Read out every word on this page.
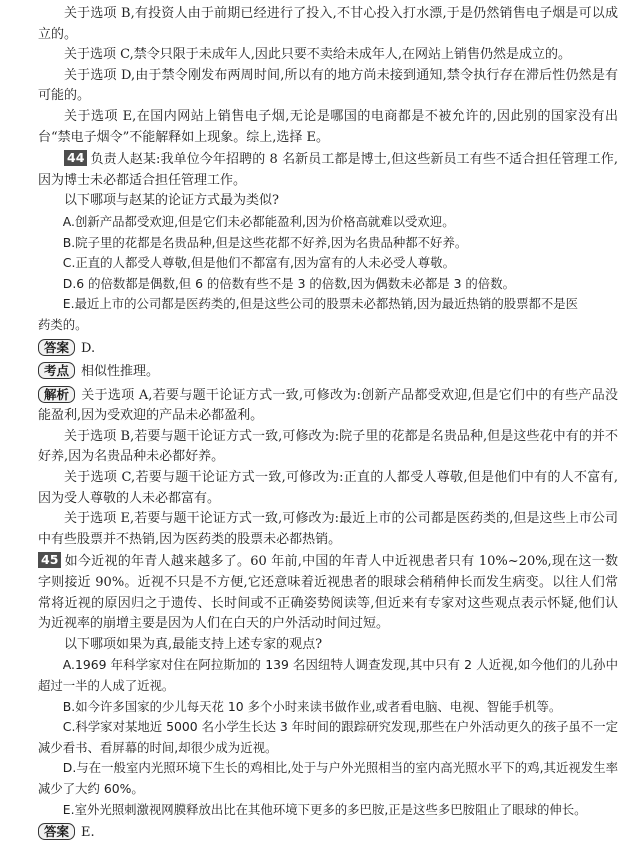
关于选项 B,有投资人由于前期已经进行了投入,不甘心投入打水漂,于是仍然销售电子烟是可以成立的。

关于选项 C,禁令只限于未成年人,因此只要不卖给未成年人,在网站上销售仍然是成立的。

关于选项 D,由于禁令刚发布两周时间,所以有的地方尚未接到通知,禁令执行存在滞后性仍然是有可能的。

关于选项 E,在国内网站上销售电子烟,无论是哪国的电商都是不被允许的,因此别的国家没有出台“禁电子烟令”不能解释如上现象。综上,选择 E。

44 负责人赵某:我单位今年招聘的 8 名新员工都是博士,但这些新员工有些不适合担任管理工作,因为博士未必都适合担任管理工作。

以下哪项与赵某的论证方式最为类似?

A.创新产品都受欢迎,但是它们未必都能盈利,因为价格高就难以受欢迎。

B.院子里的花都是名贵品种,但是这些花都不好养,因为名贵品种都不好养。

C.正直的人都受人尊敬,但是他们不都富有,因为富有的人未必受人尊敬。

D.6 的倍数都是偶数,但 6 的倍数有些不是 3 的倍数,因为偶数未必都是 3 的倍数。

E.最近上市的公司都是医药类的,但是这些公司的股票未必都热销,因为最近热销的股票都不是医
药类的。

答案 D.

考点 相似性推理。

解析 关于选项 A,若要与题干论证方式一致,可修改为:创新产品都受欢迎,但是它们中的有些产品没能盈利,因为受欢迎的产品未必都盈利。

关于选项 B,若要与题干论证方式一致,可修改为:院子里的花都是名贵品种,但是这些花中有的并不好养,因为名贵品种未必都好养。

关于选项 C,若要与题干论证方式一致,可修改为:正直的人都受人尊敬,但是他们中有的人不富有,因为受人尊敬的人未必都富有。

关于选项 E,若要与题干论证方式一致,可修改为:最近上市的公司都是医药类的,但是这些上市公司中有些股票并不热销,因为医药类的股票未必都热销。

45 如今近视的年青人越来越多了。60 年前,中国的年青人中近视患者只有 10%~20%,现在这一数字则接近 90%。近视不只是不方便,它还意味着近视患者的眼球会稍稍伸长而发生病变。以往人们常常将近视的原因归之于遗传、长时间或不正确姿势阅读等,但近来有专家对这些观点表示怀疑,他们认为近视率的崩增主要是因为人们在白天的户外活动时间过短。

以下哪项如果为真,最能支持上述专家的观点?

A.1969 年科学家对住在阿拉斯加的 139 名因纽特人调查发现,其中只有 2 人近视,如今他们的儿孙中超过一半的人成了近视。

B.如今许多国家的少儿每天花 10 多个小时来读书做作业,或者看电脑、电视、智能手机等。

C.科学家对某地近 5000 名小学生长达 3 年时间的跟踪研究发现,那些在户外活动更久的孩子虽不一定减少看书、看屏幕的时间,却很少成为近视。

D.与在一般室内光照环境下生长的鸡相比,处于与户外光照相当的室内高光照水平下的鸡,其近视发生率减少了大约 60%。

E.室外光照刺激视网膜释放出比在其他环境下更多的多巴胺,正是这些多巴胺阻止了眼球的伸长。

答案 E.
